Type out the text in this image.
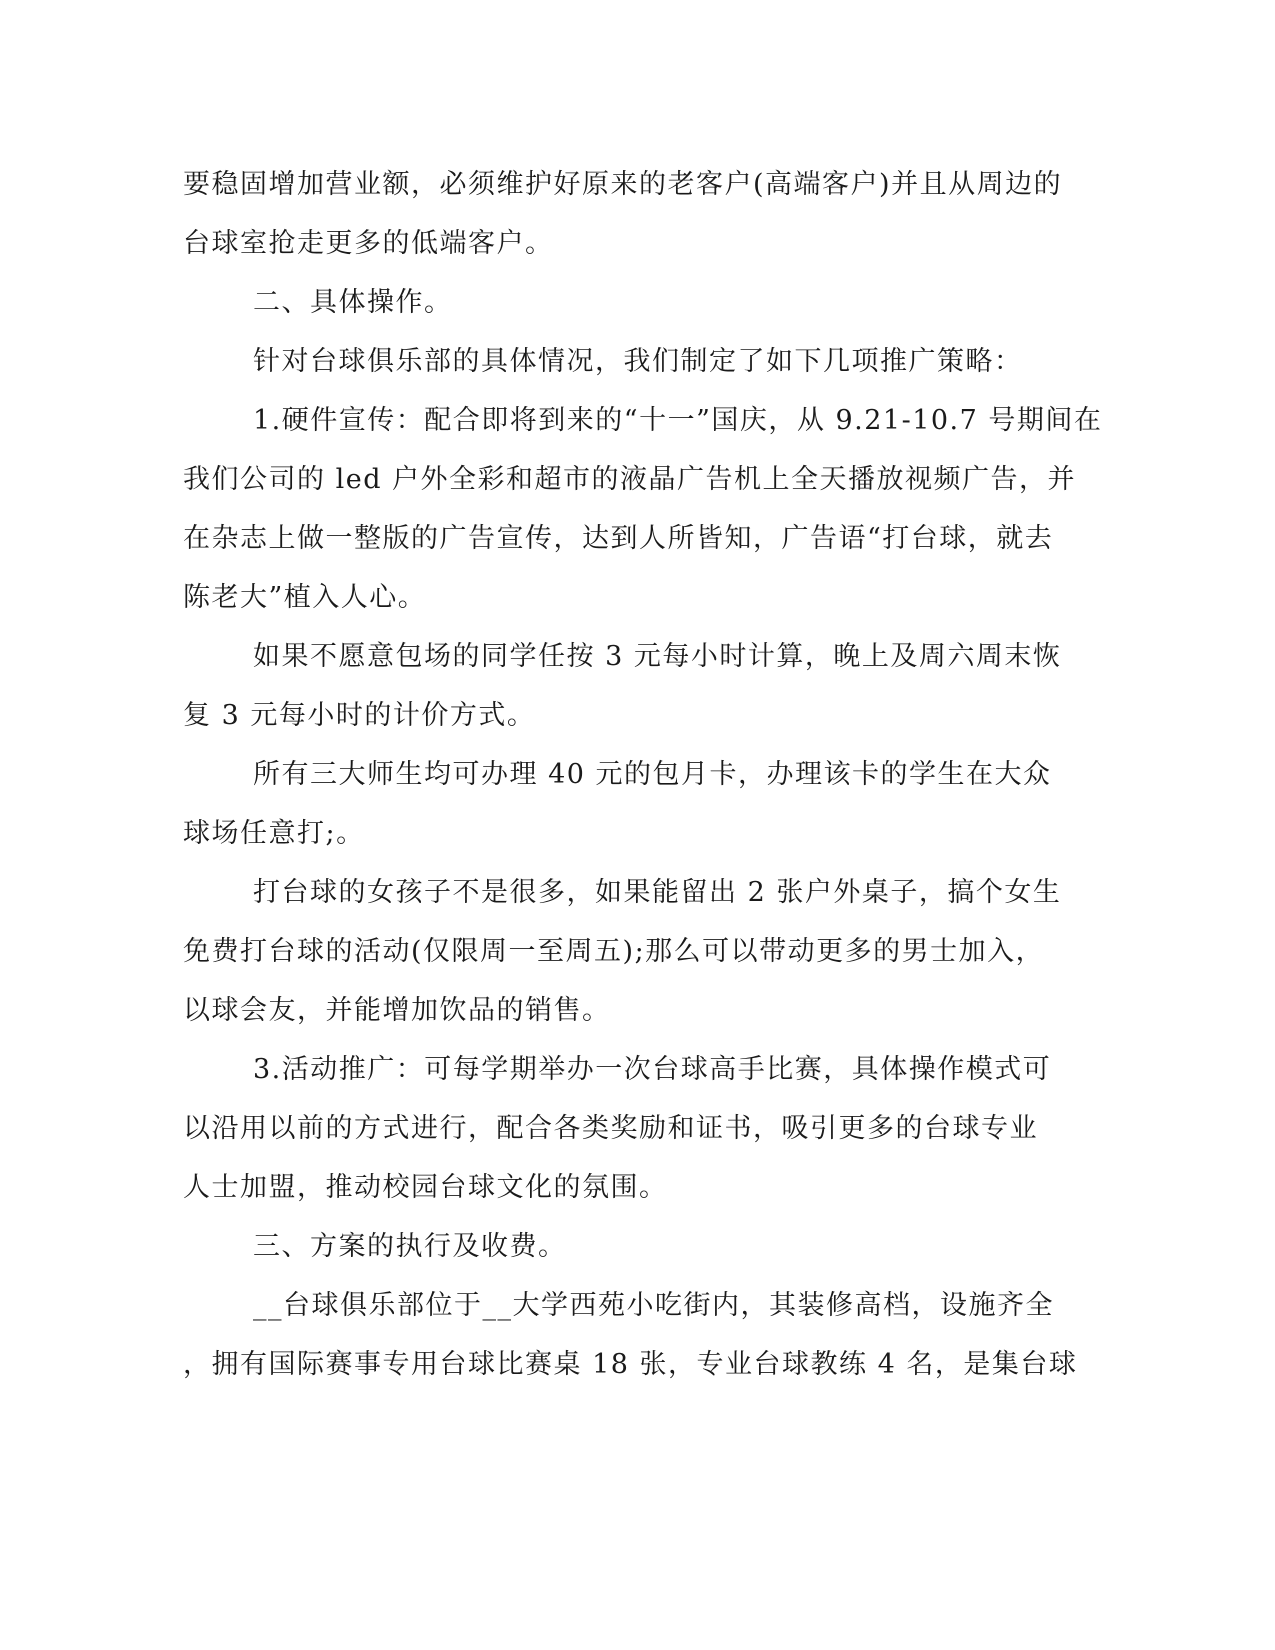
要稳固增加营业额，必须维护好原来的老客户(高端客户)并且从周边的
台球室抢走更多的低端客户。
二、具体操作。
针对台球俱乐部的具体情况，我们制定了如下几项推广策略：
1.硬件宣传：配合即将到来的“十一”国庆，从 9.21-10.7 号期间在
我们公司的 led 户外全彩和超市的液晶广告机上全天播放视频广告，并
在杂志上做一整版的广告宣传，达到人所皆知，广告语“打台球，就去
陈老大”植入人心。
如果不愿意包场的同学任按 3 元每小时计算，晚上及周六周末恢
复 3 元每小时的计价方式。
所有三大师生均可办理 40 元的包月卡，办理该卡的学生在大众
球场任意打;。
打台球的女孩子不是很多，如果能留出 2 张户外桌子，搞个女生
免费打台球的活动(仅限周一至周五);那么可以带动更多的男士加入，
以球会友，并能增加饮品的销售。
3.活动推广：可每学期举办一次台球高手比赛，具体操作模式可
以沿用以前的方式进行，配合各类奖励和证书，吸引更多的台球专业
人士加盟，推动校园台球文化的氛围。
三、方案的执行及收费。
__台球俱乐部位于__大学西苑小吃街内，其装修高档，设施齐全
，拥有国际赛事专用台球比赛桌 18 张，专业台球教练 4 名，是集台球
